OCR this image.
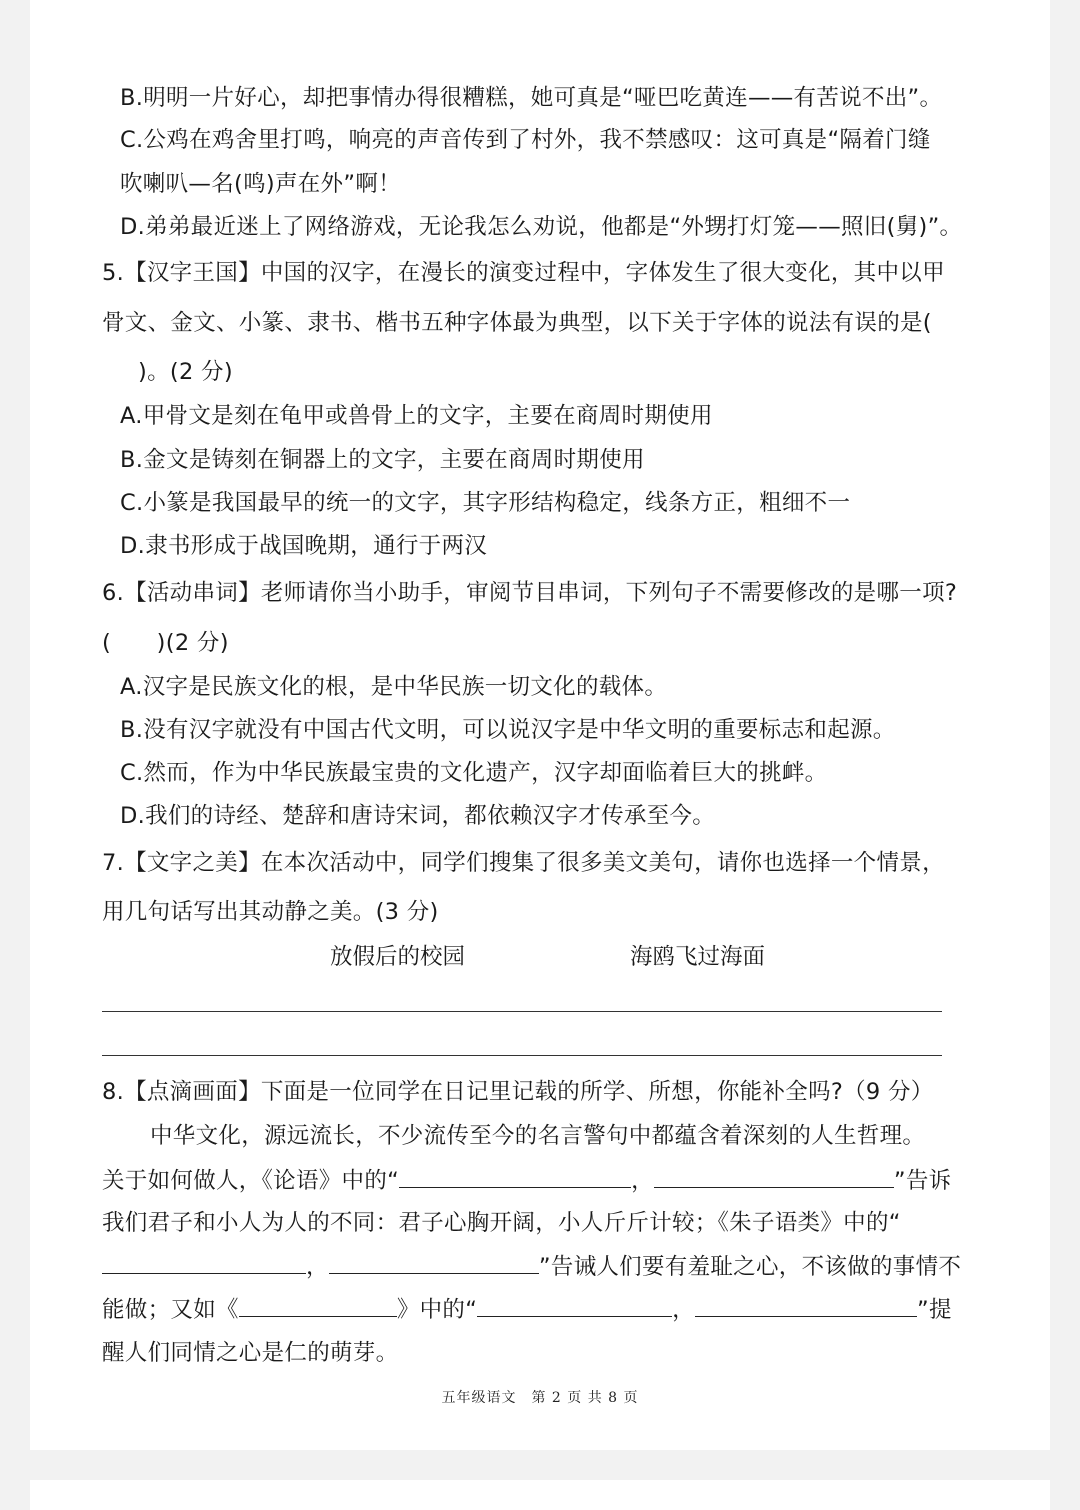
B.明明一片好心，却把事情办得很糟糕，她可真是“哑巴吃黄连——有苦说不出”。
C.公鸡在鸡舍里打鸣，响亮的声音传到了村外，我不禁感叹：这可真是“隔着门缝
吹喇叭—名(鸣)声在外”啊！
D.弟弟最近迷上了网络游戏，无论我怎么劝说，他都是“外甥打灯笼——照旧(舅)”。
5.【汉字王国】中国的汉字，在漫长的演变过程中，字体发生了很大变化，其中以甲
骨文、金文、小篆、隶书、楷书五种字体最为典型，以下关于字体的说法有误的是(
)。(2 分)
A.甲骨文是刻在龟甲或兽骨上的文字，主要在商周时期使用
B.金文是铸刻在铜器上的文字，主要在商周时期使用
C.小篆是我国最早的统一的文字，其字形结构稳定，线条方正，粗细不一
D.隶书形成于战国晚期，通行于两汉
6.【活动串词】老师请你当小助手，审阅节目串词，下列句子不需要修改的是哪一项?
(　　)(2 分)
A.汉字是民族文化的根，是中华民族一切文化的载体。
B.没有汉字就没有中国古代文明，可以说汉字是中华文明的重要标志和起源。
C.然而，作为中华民族最宝贵的文化遗产，汉字却面临着巨大的挑衅。
D.我们的诗经、楚辞和唐诗宋词，都依赖汉字才传承至今。
7.【文字之美】在本次活动中，同学们搜集了很多美文美句，请你也选择一个情景，
用几句话写出其动静之美。(3 分)
放假后的校园	海鸥飞过海面
8.【点滴画面】下面是一位同学在日记里记载的所学、所想，你能补全吗?（9 分）
中华文化，源远流长，不少流传至今的名言警句中都蕴含着深刻的人生哲理。
关于如何做人，《论语》中的“	，	”告诉
我们君子和小人为人的不同：君子心胸开阔，小人斤斤计较；《朱子语类》中的“
，	”告诫人们要有羞耻之心，不该做的事情不
能做；又如《	》中的“	，	”提
醒人们同情之心是仁的萌芽。
五年级语文　第 2 页 共 8 页
